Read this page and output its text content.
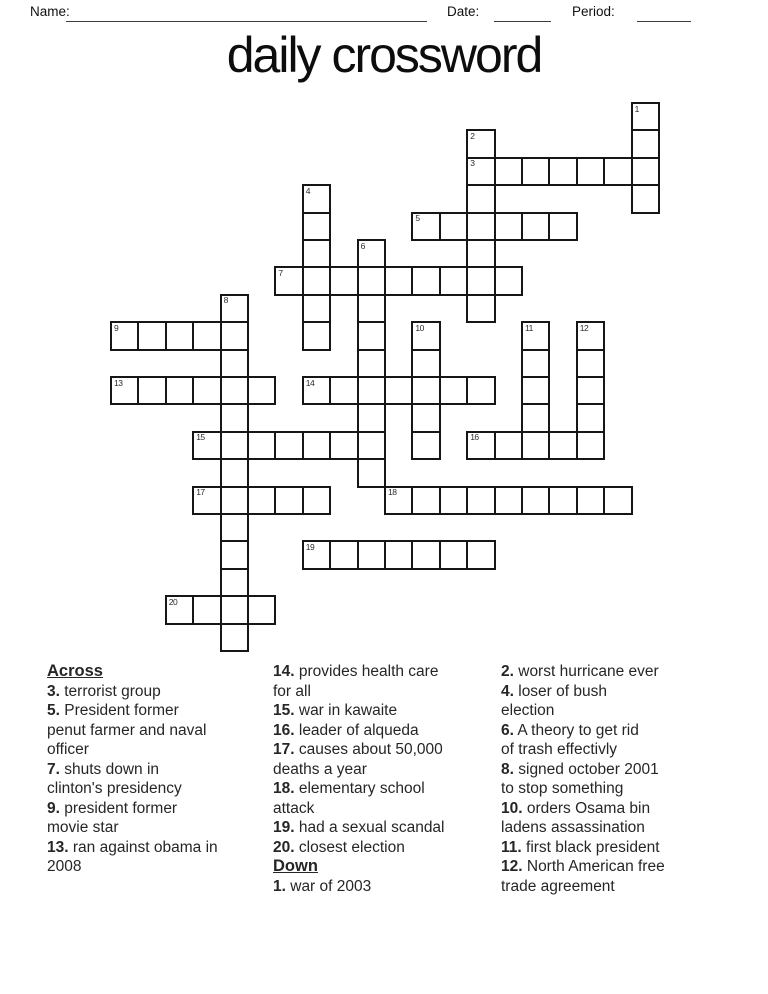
Name:	Date:	Period:
daily crossword
1
2
3
4
5
6
7
8
9	10	11	12
13	14
15	16
17	18
19
20
Across
3. terrorist group
5. President former
penut farmer and naval
officer
7. shuts down in
clinton's presidency
9. president former
movie star
13. ran against obama in
2008
14. provides health care
for all
15. war in kawaite
16. leader of alqueda
17. causes about 50,000
deaths a year
18. elementary school
attack
19. had a sexual scandal
20. closest election
Down
1. war of 2003
2. worst hurricane ever
4. loser of bush
election
6. A theory to get rid
of trash effectivly
8. signed october 2001
to stop something
10. orders Osama bin
ladens assassination
11. first black president
12. North American free
trade agreement
